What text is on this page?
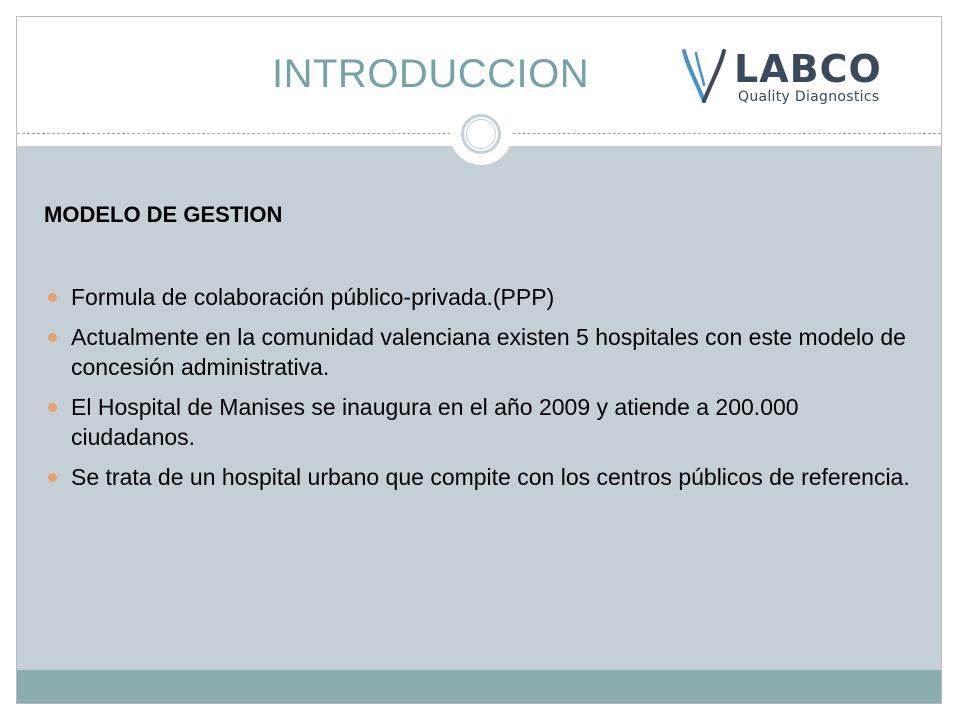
INTRODUCCION	LABCO
Quality Diagnostics
MODELO DE GESTION
Formula de colaboración público-privada.(PPP)
Actualmente en la comunidad valenciana existen 5 hospitales con este modelo de concesión administrativa.
El Hospital de Manises se inaugura en el año 2009 y atiende a 200.000 ciudadanos.
Se trata de un hospital urbano que compite con los centros públicos de referencia.
